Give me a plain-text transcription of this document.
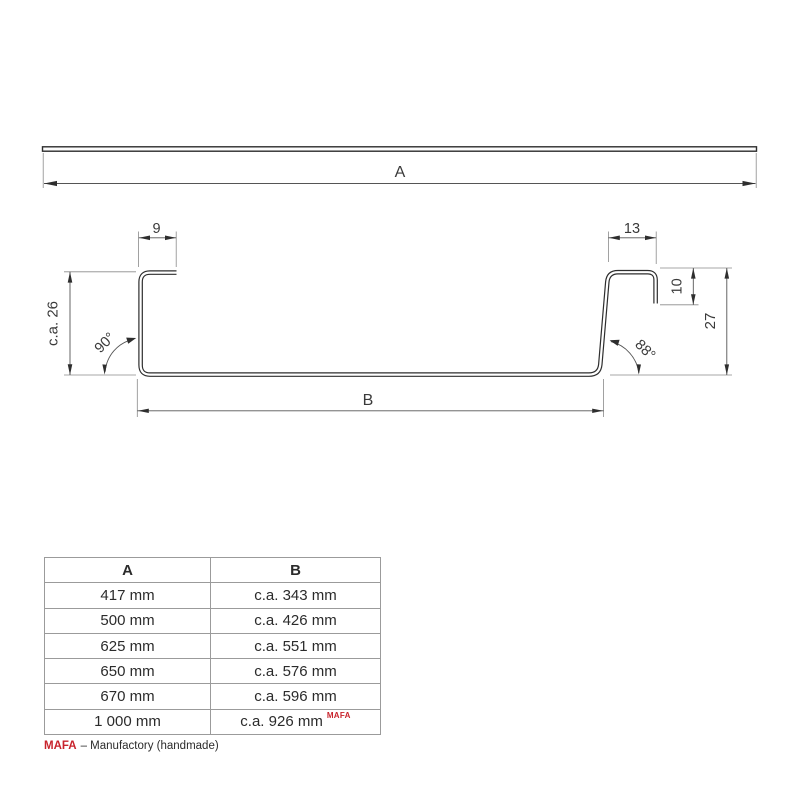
A
9	13
c.a. 26 90°	88°
10
27
B
A	B
417 mm	c.a. 343 mm
500 mm	c.a. 426 mm
625 mm	c.a. 551 mm
650 mm	c.a. 576 mm
670 mm	c.a. 596 mm
1 000 mm	c.a. 926 mm $^{MAFA}$
MAFA – Manufactory (handmade)
